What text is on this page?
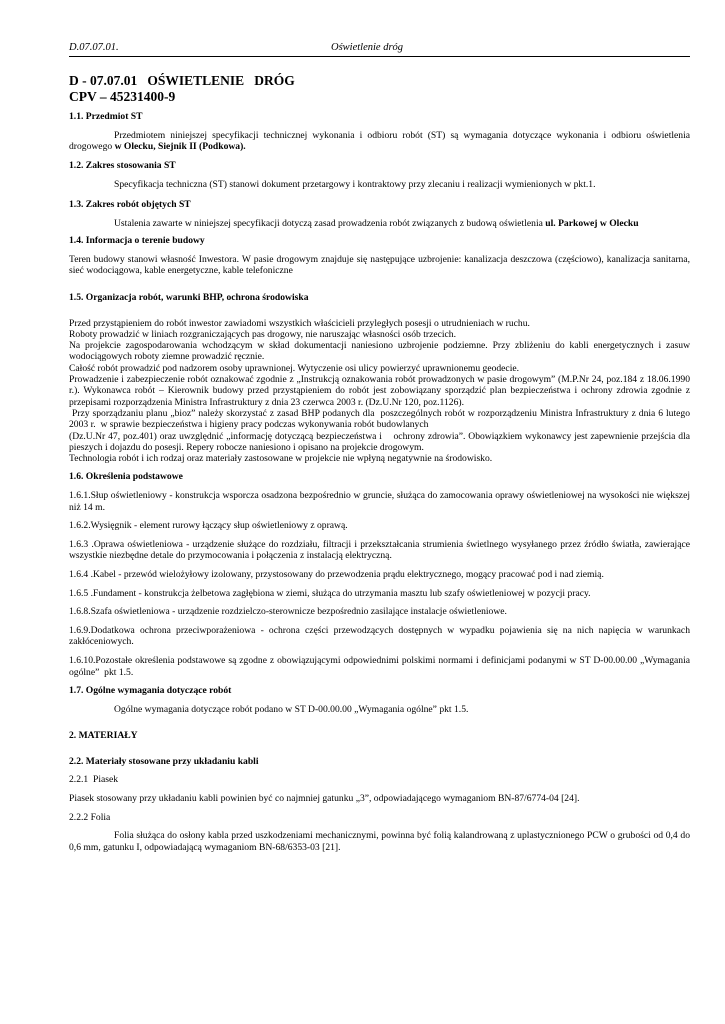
D.07.07.01.	Oświetlenie dróg
D - 07.07.01   OŚWIETLENIE   DRÓG
CPV – 45231400-9
1.1. Przedmiot ST

Przedmiotem niniejszej specyfikacji technicznej wykonania i odbioru robót (ST) są wymagania dotyczące wykonania i odbioru oświetlenia drogowego w Olecku, Siejnik II (Podkowa).

1.2. Zakres stosowania ST

Specyfikacja techniczna (ST) stanowi dokument przetargowy i kontraktowy przy zlecaniu i realizacji wymienionych w pkt.1.

1.3. Zakres robót objętych ST

Ustalenia zawarte w niniejszej specyfikacji dotyczą zasad prowadzenia robót związanych z budową oświetlenia ul. Parkowej w Olecku

1.4. Informacja o terenie budowy

Teren budowy stanowi własność Inwestora. W pasie drogowym znajduje się następujące uzbrojenie: kanalizacja deszczowa (częściowo), kanalizacja sanitarna, sieć wodociągowa, kable energetyczne, kable telefoniczne

1.5. Organizacja robót, warunki BHP, ochrona środowiska

Przed przystąpieniem do robót inwestor zawiadomi wszystkich właścicieli przyległych posesji o utrudnieniach w ruchu.

Roboty prowadzić w liniach rozgraniczających pas drogowy, nie naruszając własności osób trzecich.

Na projekcie zagospodarowania wchodzącym w skład dokumentacji naniesiono uzbrojenie podziemne. Przy zbliżeniu do kabli energetycznych i zasuw wodociągowych roboty ziemne prowadzić ręcznie.

Całość robót prowadzić pod nadzorem osoby uprawnionej. Wytyczenie osi ulicy powierzyć uprawnionemu geodecie.

Prowadzenie i zabezpieczenie robót oznakować zgodnie z „Instrukcją oznakowania robót prowadzonych w pasie drogowym” (M.P.Nr 24, poz.184 z 18.06.1990 r.). Wykonawca robót – Kierownik budowy przed przystąpieniem do robót jest zobowiązany sporządzić plan bezpieczeństwa i ochrony zdrowia zgodnie z przepisami rozporządzenia Ministra Infrastruktury z dnia 23 czerwca 2003 r. (Dz.U.Nr 120, poz.1126).

Przy sporządzaniu planu „bioz” należy skorzystać z zasad BHP podanych dla  poszczególnych robót w rozporządzeniu Ministra Infrastruktury z dnia 6 lutego 2003 r.  w sprawie bezpieczeństwa i higieny pracy podczas wykonywania robót budowlanych

(Dz.U.Nr 47, poz.401) oraz uwzględnić „informację dotyczącą bezpieczeństwa i    ochrony zdrowia”. Obowiązkiem wykonawcy jest zapewnienie przejścia dla pieszych i dojazdu do posesji. Repery robocze naniesiono i opisano na projekcie drogowym.

Technologia robót i ich rodzaj oraz materiały zastosowane w projekcie nie wpłyną negatywnie na środowisko.

1.6. Określenia podstawowe

1.6.1.Słup oświetleniowy - konstrukcja wsporcza osadzona bezpośrednio w gruncie, służąca do zamocowania oprawy oświetleniowej na wysokości nie większej niż 14 m.

1.6.2.Wysięgnik - element rurowy łączący słup oświetleniowy z oprawą.

1.6.3 .Oprawa oświetleniowa - urządzenie służące do rozdziału, filtracji i przekształcania strumienia świetlnego wysyłanego przez źródło światła, zawierające wszystkie niezbędne detale do przymocowania i połączenia z instalacją elektryczną.

1.6.4 .Kabel - przewód wielożyłowy izolowany, przystosowany do przewodzenia prądu elektrycznego, mogący pracować pod i nad ziemią.

1.6.5 .Fundament - konstrukcja żelbetowa zagłębiona w ziemi, służąca do utrzymania masztu lub szafy oświetleniowej w pozycji pracy.

1.6.8.Szafa oświetleniowa - urządzenie rozdzielczo-sterownicze bezpośrednio zasilające instalacje oświetleniowe.

1.6.9.Dodatkowa ochrona przeciwporażeniowa - ochrona części przewodzących dostępnych w wypadku pojawienia się na nich napięcia w warunkach zakłóceniowych.

1.6.10.Pozostałe określenia podstawowe są zgodne z obowiązującymi odpowiednimi polskimi normami i definicjami podanymi w ST D-00.00.00 „Wymagania ogólne”  pkt 1.5.

1.7. Ogólne wymagania dotyczące robót

Ogólne wymagania dotyczące robót podano w ST D-00.00.00 „Wymagania ogólne” pkt 1.5.

2. MATERIAŁY
2.2. Materiały stosowane przy układaniu kabli

2.2.1  Piasek

Piasek stosowany przy układaniu kabli powinien być co najmniej gatunku „3”, odpowiadającego wymaganiom BN-87/6774-04 [24].

2.2.2 Folia

Folia służąca do osłony kabla przed uszkodzeniami mechanicznymi, powinna być folią kalandrowaną z uplastycznionego PCW o grubości od 0,4 do 0,6 mm, gatunku I, odpowiadającą wymaganiom BN-68/6353-03 [21].
